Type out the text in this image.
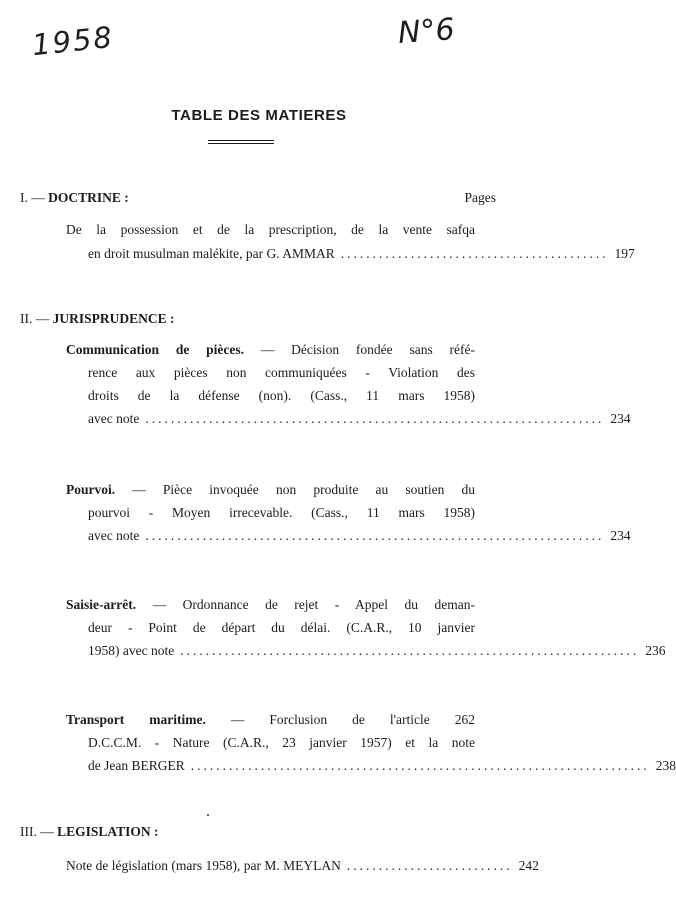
1958	N°6
TABLE DES MATIERES
I. — DOCTRINE :	Pages
De la possession et de la prescription, de la vente safqa
en droit musulman malékite, par G. AMMAR .......................................... 197
II. — JURISPRUDENCE :
Communication de pièces. — Décision fondée sans réfé-
rence aux pièces non communiquées - Violation des
droits de la défense (non). (Cass., 11 mars 1958)
avec note ........................................................................ 234
Pourvoi. — Pièce invoquée non produite au soutien du
pourvoi - Moyen irrecevable. (Cass., 11 mars 1958)
avec note ........................................................................ 234
Saisie-arrêt. — Ordonnance de rejet - Appel du deman-
deur - Point de départ du délai. (C.A.R., 10 janvier
1958) avec note ........................................................................ 236
Transport maritime. — Forclusion de l'article 262
D.C.C.M. - Nature (C.A.R., 23 janvier 1957) et la note
de Jean BERGER ........................................................................ 238
III. — LEGISLATION :
Note de législation (mars 1958), par M. MEYLAN .......................... 242
